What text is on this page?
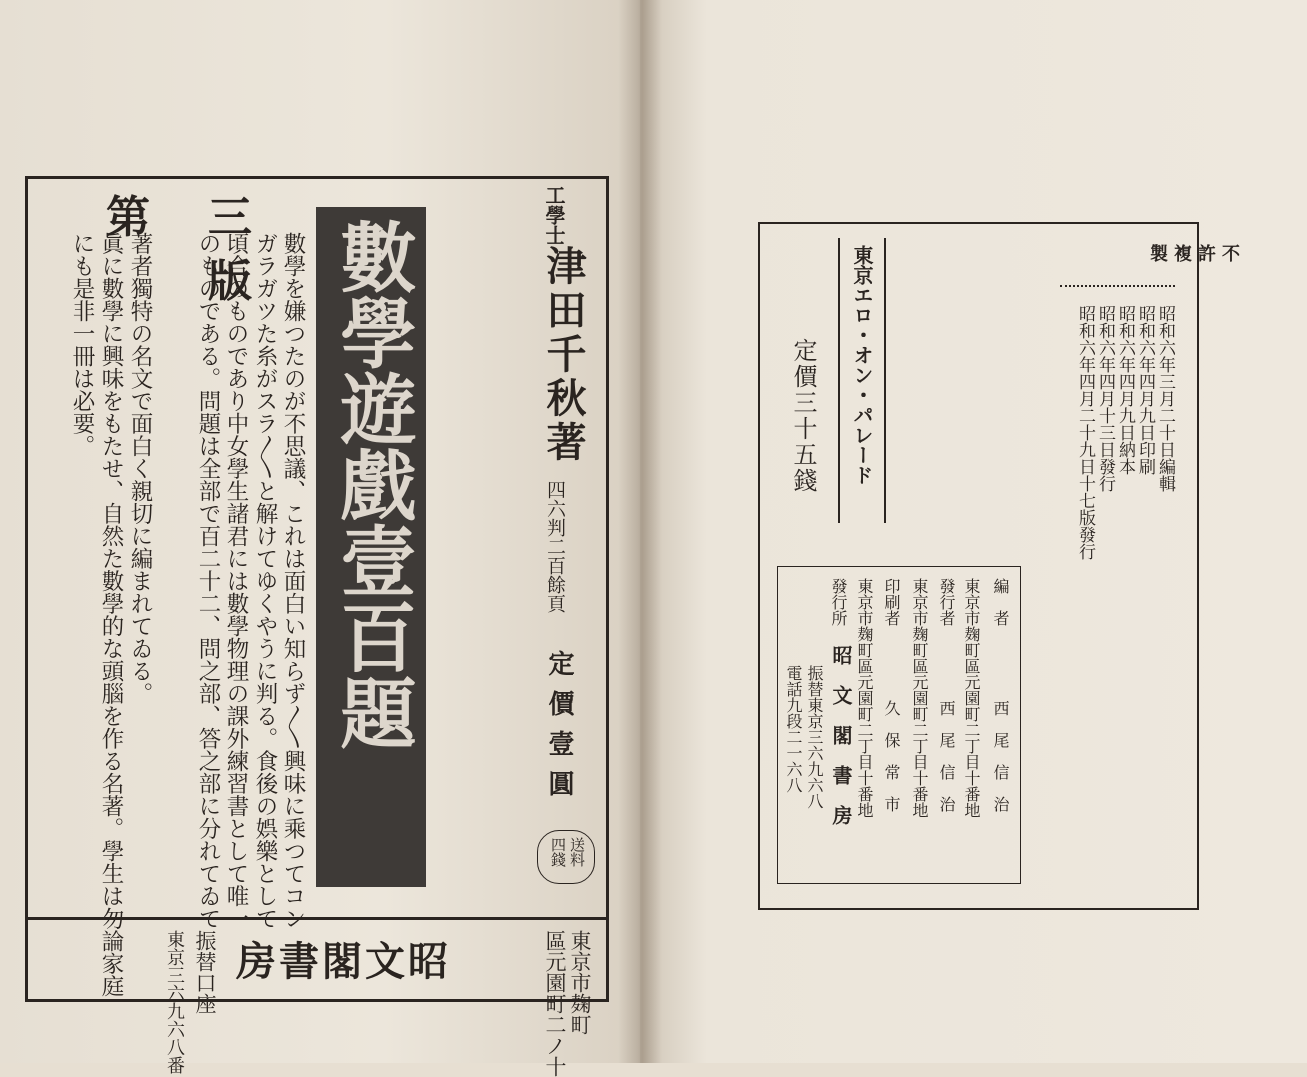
第三版 數學遊戲壹百題
工學士
津田千秋著
四六判二百餘頁
定價壹圓
送料
四錢
數學を嫌つたのが不思議、これは面白い知らず〱興味に乘つてコン
ガラガツた糸がスラ〱と解けてゆくやうに判る。食後の娯樂として
頃合のものであり中女學生諸君には數學物理の課外練習書として唯一
のものである。問題は全部で百二十二、問之部、答之部に分れてゐて
著者獨特の名文で面白く親切に編まれてゐる。
眞に數學に興味をもたせ、自然た數學的な頭腦を作る名著。學生は勿論家庭
にも是非一冊は必要。
東京市麹町
區元園町二ノ十
昭文閣書房
振替口座
東京三六九六八番
不許複製
昭和六年三月二十日編輯
昭和六年四月九日印刷
昭和六年四月九日納本
昭和六年四月十三日發行
昭和六年四月二十九日十七版發行
東京エロ・オン・パレード
定價三十五錢
編　者
西　尾　信　治
東京市麹町區元園町二丁目十番地
發行者
西　尾　信　治
東京市麹町區元園町二丁目十番地
印刷者
久　保　常　市
東京市麹町區元園町二丁目十番地
發行所
昭　文　閣　書　房
振替東京三六九六八
電話九段二一六八
